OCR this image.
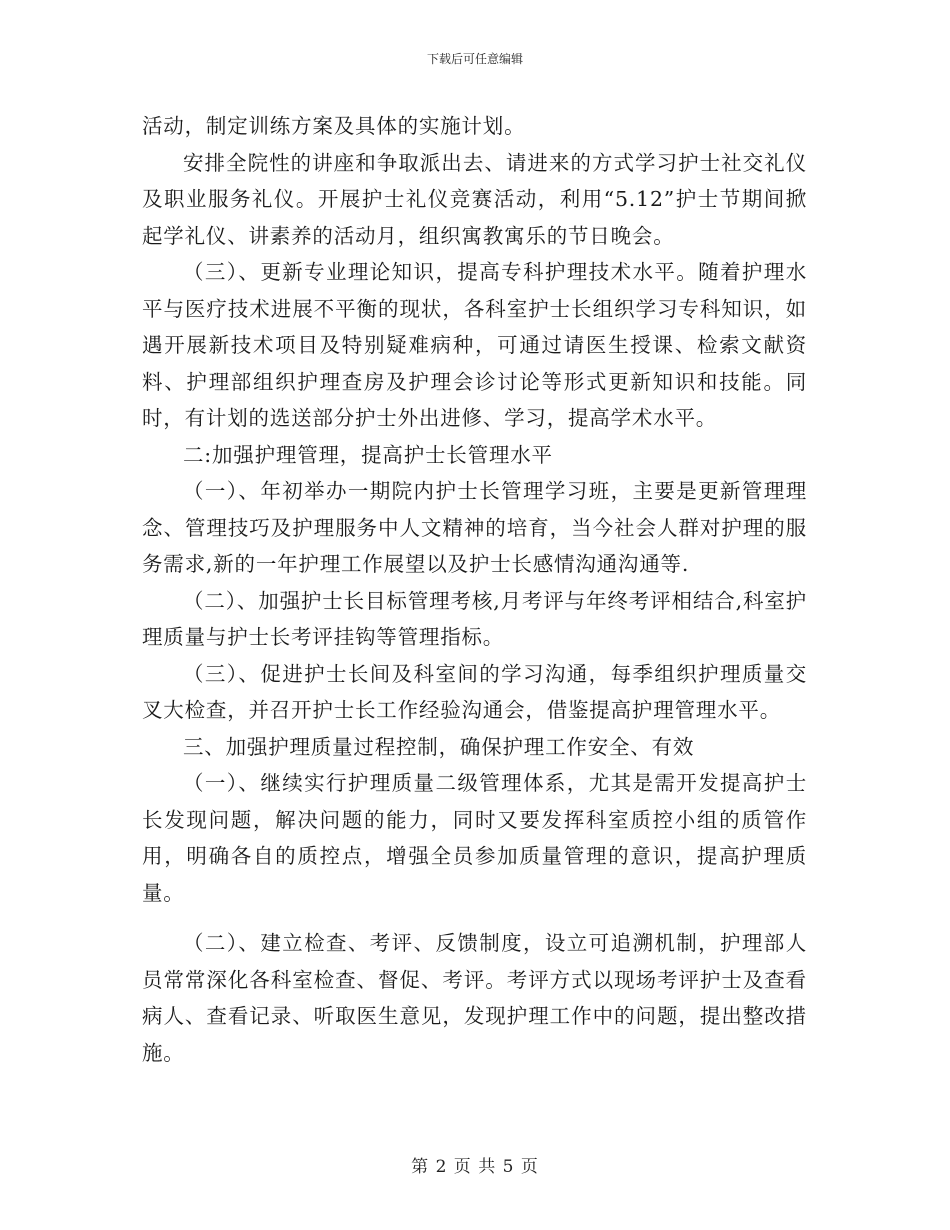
下载后可任意编辑

活动，制定训练方案及具体的实施计划。

安排全院性的讲座和争取派出去、请进来的方式学习护士社交礼仪及职业服务礼仪。开展护士礼仪竞赛活动，利用“5.12”护士节期间掀起学礼仪、讲素养的活动月，组织寓教寓乐的节日晚会。

（三）、更新专业理论知识，提高专科护理技术水平。随着护理水平与医疗技术进展不平衡的现状，各科室护士长组织学习专科知识，如遇开展新技术项目及特别疑难病种，可通过请医生授课、检索文献资料、护理部组织护理查房及护理会诊讨论等形式更新知识和技能。同时，有计划的选送部分护士外出进修、学习，提高学术水平。

二:加强护理管理，提高护士长管理水平

（一）、年初举办一期院内护士长管理学习班，主要是更新管理理念、管理技巧及护理服务中人文精神的培育，当今社会人群对护理的服务需求,新的一年护理工作展望以及护士长感情沟通沟通等.

（二）、加强护士长目标管理考核,月考评与年终考评相结合,科室护理质量与护士长考评挂钩等管理指标。

（三）、促进护士长间及科室间的学习沟通，每季组织护理质量交叉大检查，并召开护士长工作经验沟通会，借鉴提高护理管理水平。

三、加强护理质量过程控制，确保护理工作安全、有效

（一）、继续实行护理质量二级管理体系，尤其是需开发提高护士长发现问题，解决问题的能力，同时又要发挥科室质控小组的质管作用，明确各自的质控点，增强全员参加质量管理的意识，提高护理质量。

（二）、建立检查、考评、反馈制度，设立可追溯机制，护理部人员常常深化各科室检查、督促、考评。考评方式以现场考评护士及查看病人、查看记录、听取医生意见，发现护理工作中的问题，提出整改措施。

第 2 页 共 5 页
